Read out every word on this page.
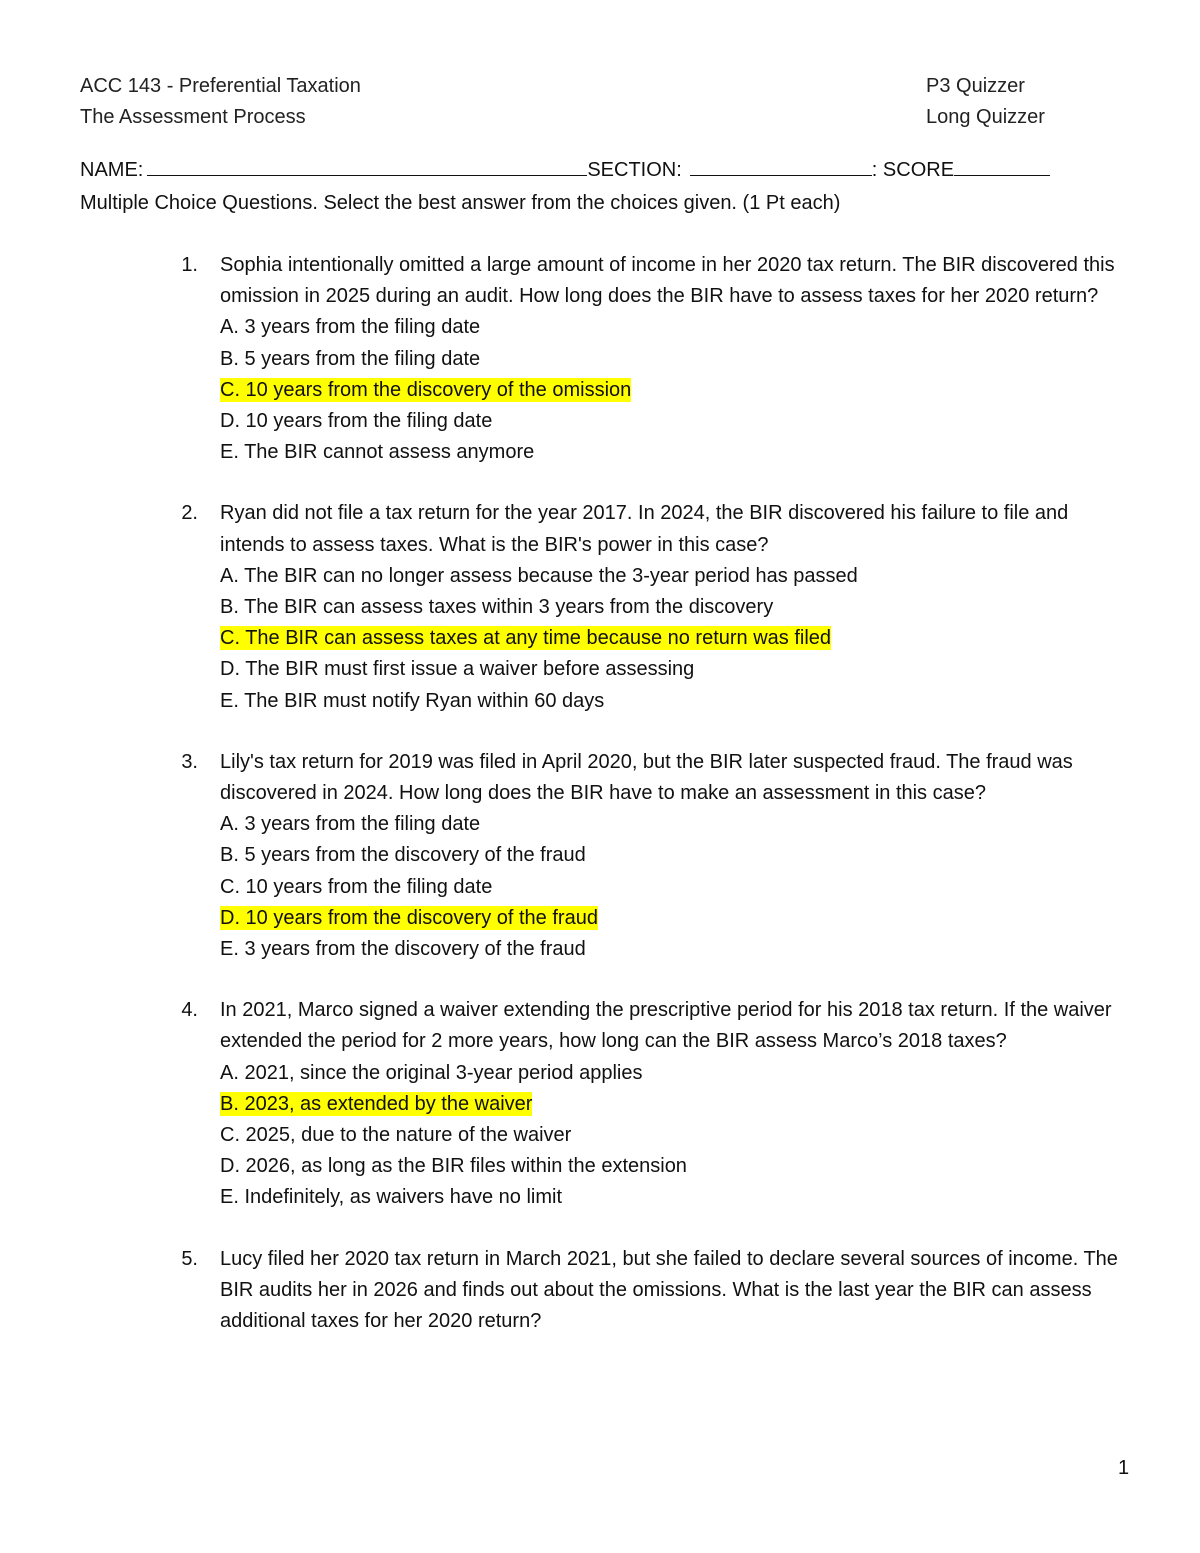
ACC 143 - Preferential Taxation
The Assessment Process
P3 Quizzer
Long Quizzer
NAME:	SECTION:	: SCORE
Multiple Choice Questions. Select the best answer from the choices given. (1 Pt each)
1. Sophia intentionally omitted a large amount of income in her 2020 tax return. The BIR discovered this omission in 2025 during an audit. How long does the BIR have to assess taxes for her 2020 return?
A. 3 years from the filing date
B. 5 years from the filing date
C. 10 years from the discovery of the omission
D. 10 years from the filing date
E. The BIR cannot assess anymore
2. Ryan did not file a tax return for the year 2017. In 2024, the BIR discovered his failure to file and intends to assess taxes. What is the BIR's power in this case?
A. The BIR can no longer assess because the 3-year period has passed
B. The BIR can assess taxes within 3 years from the discovery
C. The BIR can assess taxes at any time because no return was filed
D. The BIR must first issue a waiver before assessing
E. The BIR must notify Ryan within 60 days
3. Lily's tax return for 2019 was filed in April 2020, but the BIR later suspected fraud. The fraud was discovered in 2024. How long does the BIR have to make an assessment in this case?
A. 3 years from the filing date
B. 5 years from the discovery of the fraud
C. 10 years from the filing date
D. 10 years from the discovery of the fraud
E. 3 years from the discovery of the fraud
4. In 2021, Marco signed a waiver extending the prescriptive period for his 2018 tax return. If the waiver extended the period for 2 more years, how long can the BIR assess Marco’s 2018 taxes?
A. 2021, since the original 3-year period applies
B. 2023, as extended by the waiver
C. 2025, due to the nature of the waiver
D. 2026, as long as the BIR files within the extension
E. Indefinitely, as waivers have no limit
5. Lucy filed her 2020 tax return in March 2021, but she failed to declare several sources of income. The BIR audits her in 2026 and finds out about the omissions. What is the last year the BIR can assess additional taxes for her 2020 return?
1
